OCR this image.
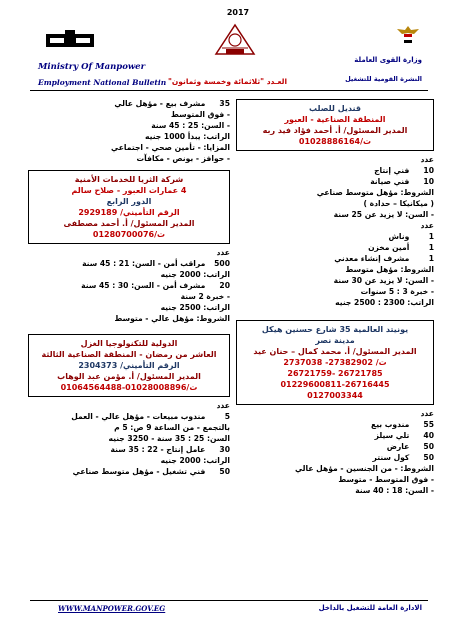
2017
Ministry Of Manpower
Employment National Bulletin العـدد "ثلاثمائة وخمسة وثمانون"
وزارة القوى العاملة
النشرة القومية للتشغيل
قنديل للصلب
المنطقة الصناعية - العبور
المدير المسئول/ أ. أحمد فؤاد فيد ربه
ت/01028886164
عدد
10 فني إنتاج
10 فني صيانة
الشروط: مؤهل متوسط صناعي
( ميكانيكا – حدادة )
- السن: لا يزيد عن 25 سنة
عدد
1 وناش
1 أمين مخزن
1 مشرف إنشاء معدني
الشروط: مؤهل متوسط
- السن: لا يزيد عن 30 سنة
- خبرة 3 : 5 سنوات
الراتب: 2300 : 2500 جنيه
يونيتد العالمية 35 شارع حسنين هيكل
مدينة نصر
المدير المسئول/ أ. محمد كمال – حنان عيد
ت/ 27382902- 2737038
26721785 -26721759
01229600811-26716445
0127003344
عدد
55 مندوب بيع
40 تلي سيلز
50 عارض
50 كول سنتر
الشروط: - من الجنسين - مؤهل عالي
- فوق المتوسط - متوسط
- السن: 18 : 40 سنة
35 مشرف بيع - مؤهل عالي
- فوق المتوسط
- السن: 25 : 45 سنة
الراتب: يبدأ 1000 جنيه
المزايا: - تأمين صحي - اجتماعي
- حوافز - بونص - مكافآت
شركة الثريا للخدمات الأمنية
4 عمارات العبور - صلاح سالم
الدور الرابع
الرقم التأميني/ 2929189
المدير المسئول/ أ. أحمد مصطفى
ت/01280700076
عدد
500 مراقب أمن - السن: 21 : 45 سنة
الراتب: 2000 جنيه
20 مشرف أمن - السن: 30 : 45 سنة
- خبرة 2 سنة
الراتب: 2500 جنيه
الشروط: مؤهل عالي - متوسط
الدولية للتكنولوجيا الغزل
العاشر من رمضان - المنطقة الصناعية الثالثة
الرقم التأميني/ 2304373
المدير المسئول/ أ. مؤمن عبد الوهاب
ت/01028008896-01064564488
عدد
5 مندوب مبيعات - مؤهل عالي - العمل
بالتجمع - من الساعة 9 ص: 5 م
السن: 25 : 35 سنة - 3250 جنيه
30 عامل إنتاج - 22 : 35 سنة
الراتب: 2000 جنيه
50 فني تشغيل - مؤهل متوسط صناعي
WWW.MANPOWER.GOV.EG	الادارة العامة للتشغيل بالداخل
